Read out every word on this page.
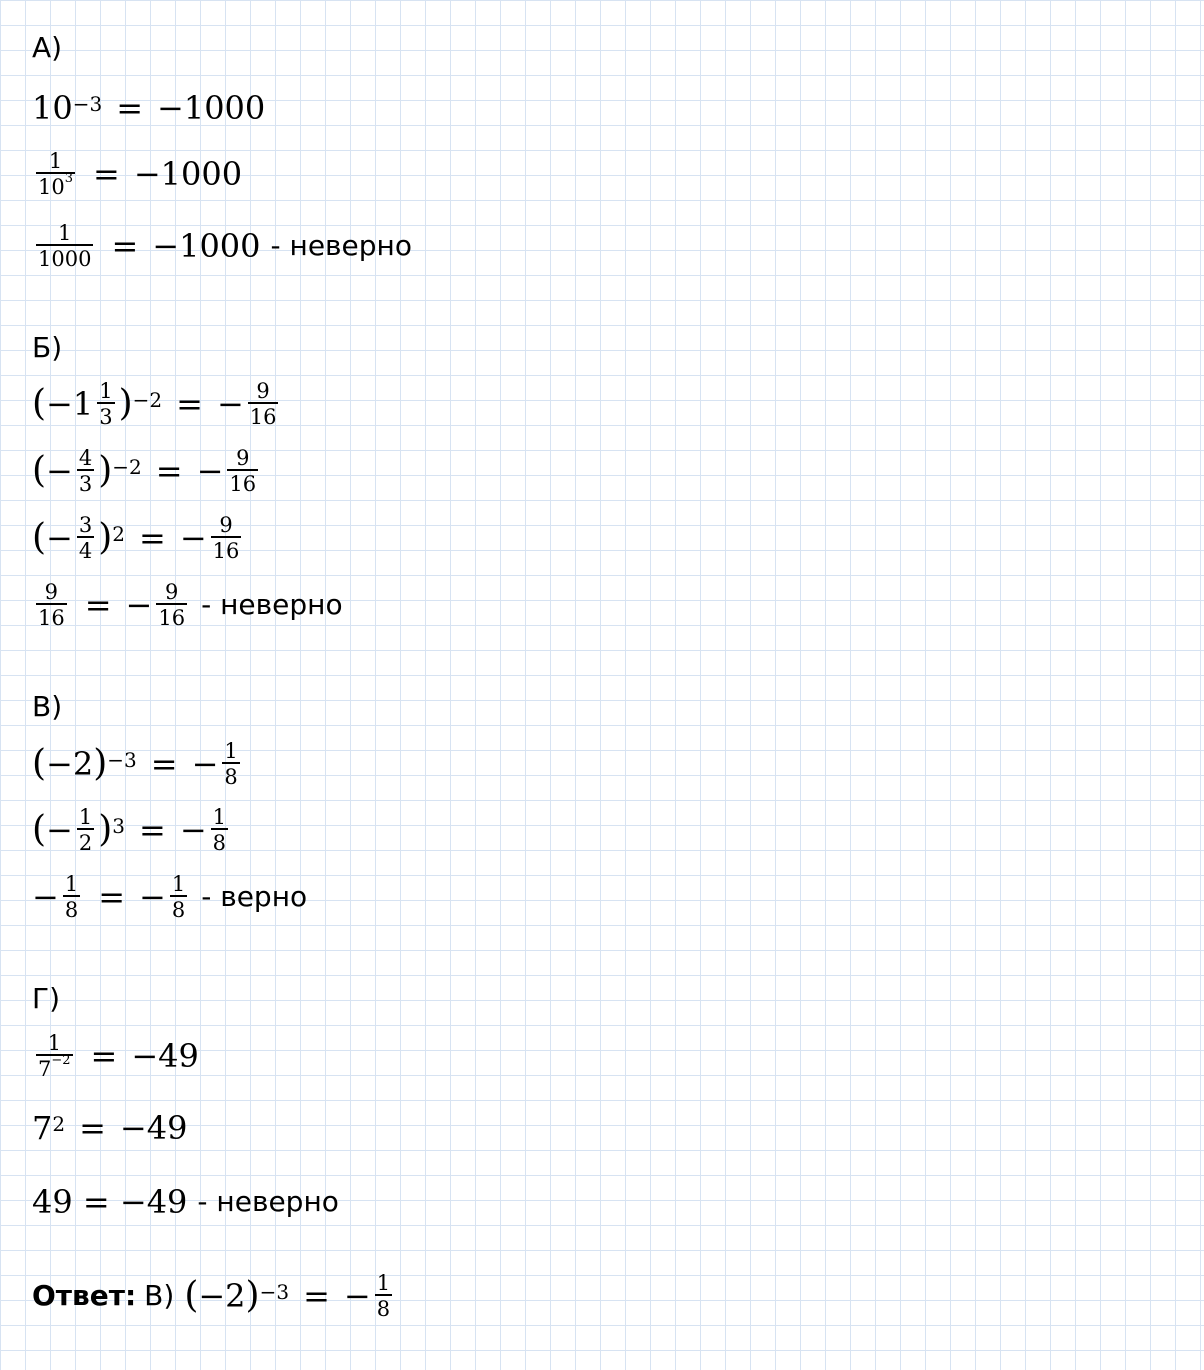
А)
$10^{-3} = -1000$
$\frac{1}{10^3} = -1000$
$\frac{1}{1000} = -1000$ - неверно
Б)
( $-1 \frac{1}{3} )^{-2}$ = − $\frac{9}{16}$
( − $\frac{4}{3} )^{-2}$ = − $\frac{9}{16}$
( − $\frac{3}{4} )^2$ = − $\frac{9}{16}$
$\frac{9}{16}$ = − $\frac{9}{16}$ - неверно
В)
( −2 )$^{-3}$ = − $\frac{1}{8}$
( − $\frac{1}{2} )^3$ = − $\frac{1}{8}$
− $\frac{1}{8}$ = − $\frac{1}{8}$ - верно
Г)
$\frac{1}{7^{-2}} = -49$
$7^2 = -49$
49 = −49 - неверно
Ответ: В) ( −2 )$^{-3}$ = − $\frac{1}{8}$
